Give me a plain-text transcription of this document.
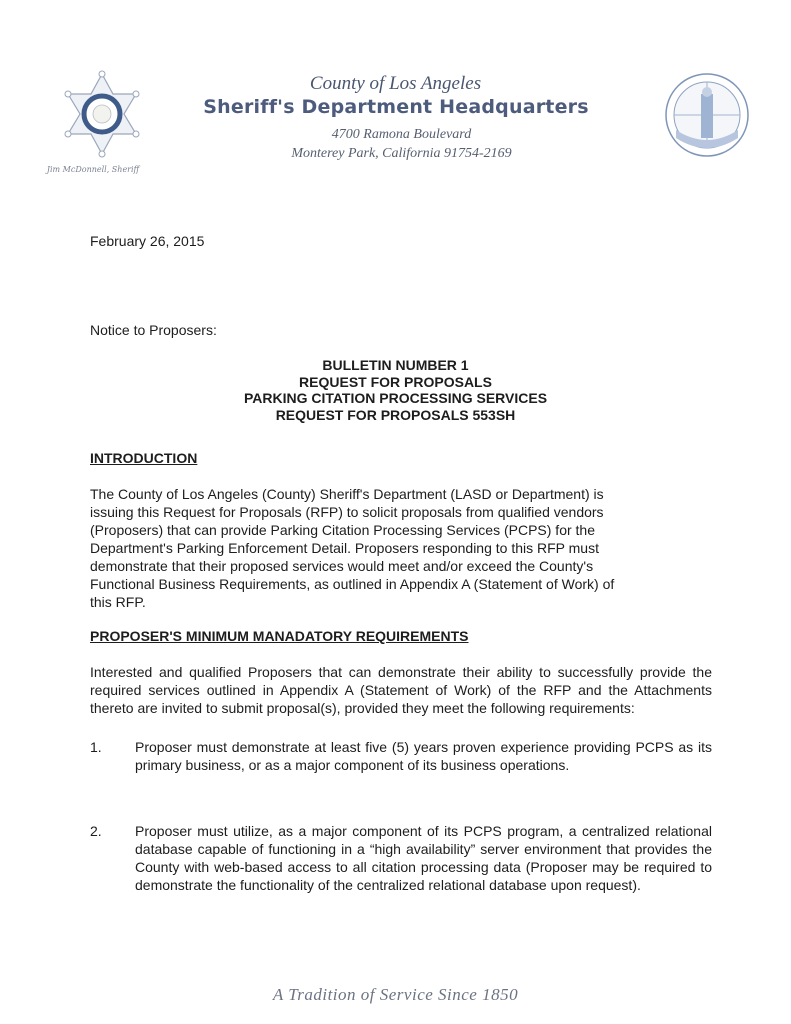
Jim McDonnell, Sheriff
County of Los Angeles
Sheriff's Department Headquarters
4700 Ramona Boulevard
Monterey Park, California 91754-2169
February 26, 2015
Notice to Proposers:
BULLETIN NUMBER 1
REQUEST FOR PROPOSALS
PARKING CITATION PROCESSING SERVICES
REQUEST FOR PROPOSALS 553SH
INTRODUCTION
The County of Los Angeles (County) Sheriff's Department (LASD or Department) is
issuing this Request for Proposals (RFP) to solicit proposals from qualified vendors
(Proposers) that can provide Parking Citation Processing Services (PCPS) for the
Department's Parking Enforcement Detail. Proposers responding to this RFP must
demonstrate that their proposed services would meet and/or exceed the County's
Functional Business Requirements, as outlined in Appendix A (Statement of Work) of
this RFP.
PROPOSER'S MINIMUM MANADATORY REQUIREMENTS
Interested and qualified Proposers that can demonstrate their ability to successfully provide the required services outlined in Appendix A (Statement of Work) of the RFP and the Attachments thereto are invited to submit proposal(s), provided they meet the following requirements:
1. Proposer must demonstrate at least five (5) years proven experience providing PCPS as its primary business, or as a major component of its business operations.
2. Proposer must utilize, as a major component of its PCPS program, a centralized relational database capable of functioning in a “high availability” server environment that provides the County with web-based access to all citation processing data (Proposer may be required to demonstrate the functionality of the centralized relational database upon request).
A Tradition of Service Since 1850
